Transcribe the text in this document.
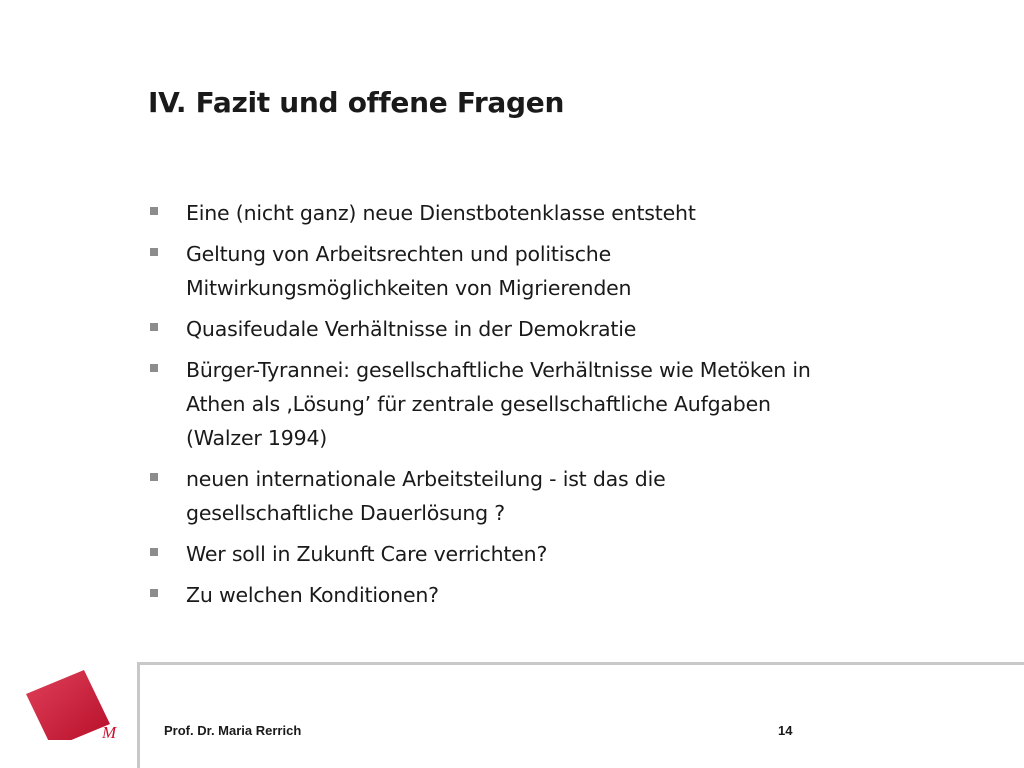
IV. Fazit und offene Fragen
Eine (nicht ganz) neue Dienstbotenklasse entsteht
Geltung von Arbeitsrechten und politische
Mitwirkungsmöglichkeiten von Migrierenden
Quasifeudale Verhältnisse in der Demokratie
Bürger-Tyrannei: gesellschaftliche Verhältnisse wie Metöken in
Athen als ‚Lösung’ für zentrale gesellschaftliche Aufgaben
(Walzer 1994)
neuen internationale Arbeitsteilung - ist das die
gesellschaftliche Dauerlösung ?
Wer soll in Zukunft Care verrichten?
Zu welchen Konditionen?
M	Prof. Dr. Maria Rerrich	14
